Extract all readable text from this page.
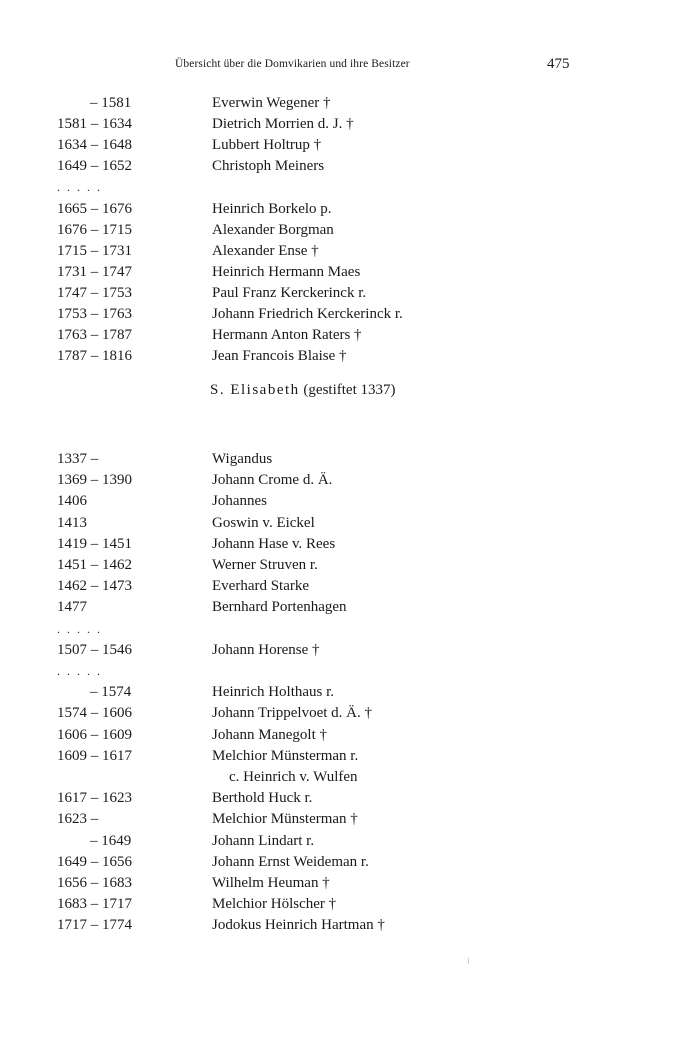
Übersicht über die Domvikarien und ihre Besitzer	475
– 1581	Everwin Wegener †
1581 – 1634	Dietrich Morrien d. J. †
1634 – 1648	Lubbert Holtrup †
1649 – 1652	Christoph Meiners
. . . . .
1665 – 1676	Heinrich Borkelo p.
1676 – 1715	Alexander Borgman
1715 – 1731	Alexander Ense †
1731 – 1747	Heinrich Hermann Maes
1747 – 1753	Paul Franz Kerckerinck r.
1753 – 1763	Johann Friedrich Kerckerinck r.
1763 – 1787	Hermann Anton Raters †
1787 – 1816	Jean Francois Blaise †
S. Elisabeth (gestiftet 1337)
1337 –	Wigandus
1369 – 1390	Johann Crome d. Ä.
1406	Johannes
1413	Goswin v. Eickel
1419 – 1451	Johann Hase v. Rees
1451 – 1462	Werner Struven r.
1462 – 1473	Everhard Starke
1477	Bernhard Portenhagen
. . . . .
1507 – 1546	Johann Horense †
. . . . .
– 1574	Heinrich Holthaus r.
1574 – 1606	Johann Trippelvoet d. Ä. †
1606 – 1609	Johann Manegolt †
1609 – 1617	Melchior Münsterman r.
c. Heinrich v. Wulfen
1617 – 1623	Berthold Huck r.
1623 –	Melchior Münsterman †
– 1649	Johann Lindart r.
1649 – 1656	Johann Ernst Weideman r.
1656 – 1683	Wilhelm Heuman †
1683 – 1717	Melchior Hölscher †
1717 – 1774	Jodokus Heinrich Hartman †
